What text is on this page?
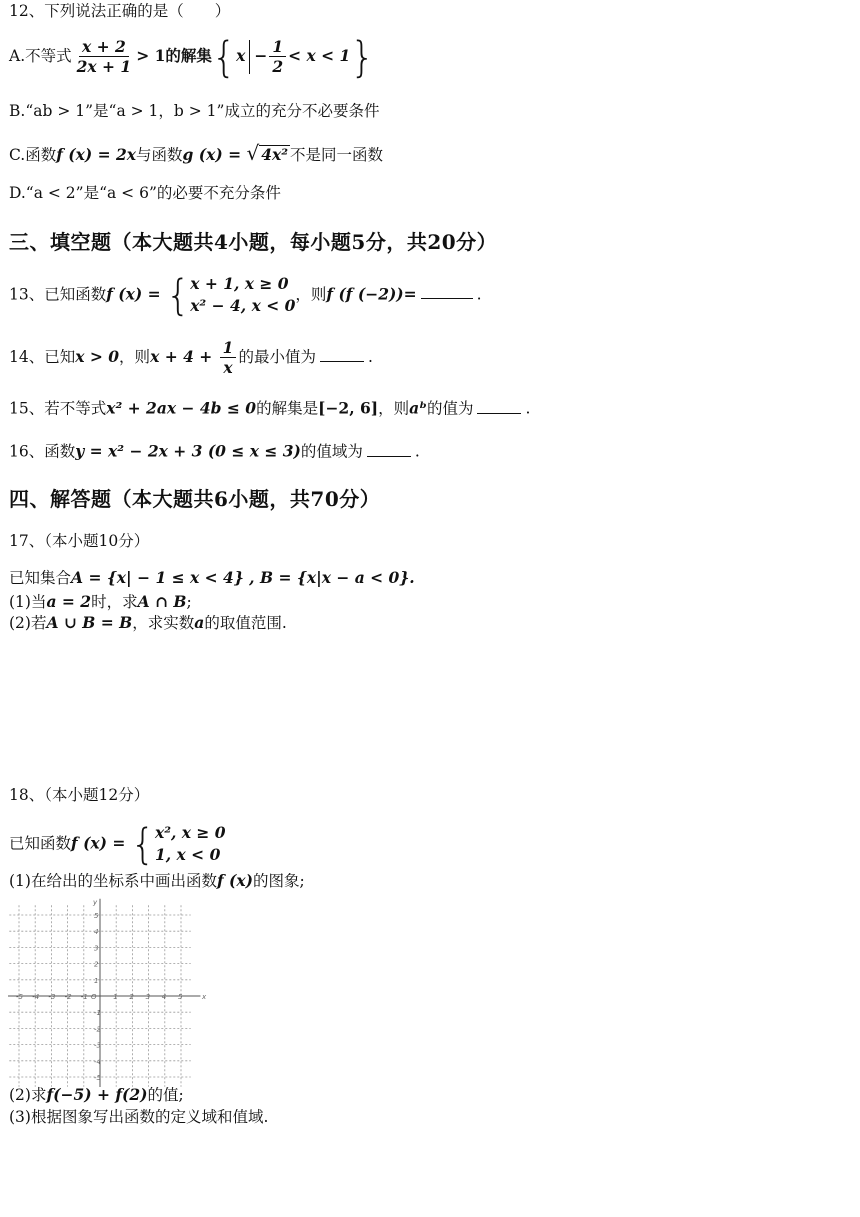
12、下列说法正确的是（　　）
A.不等式 $\frac{x + 2}{2x + 1} > 1$的解集$\{x - \frac{1}{2} < x < 1\}$
B.“ab > 1”是“a > 1，b > 1”成立的充分不必要条件
C.函数f (x) = 2x与函数g (x) = √ 4x² 不是同一函数
D.“a < 2”是“a < 6”的必要不充分条件
三、填空题（本大题共4小题，每小题5分，共20分）
13、已知函数f (x) = { x + 1, x ≥ 0
x² − 4, x < 0
，则f (f (−2))=	.
14、已知x > 0，则$x + 4 + \frac{1}{x}$ 的最小值为	.
15、若不等式x² + 2ax − 4b ≤ 0的解集是[−2, 6]，则aᵇ的值为	.
16、函数y = x² − 2x + 3 (0 ≤ x ≤ 3)的值域为	.
四、解答题（本大题共6小题，共70分）
17、（本小题10分）
已知集合A = {x| − 1 ≤ x < 4} , B = {x|x − a < 0}.
(1)当a = 2时，求A ∩ B;
(2)若A ∪ B = B，求实数a的取值范围.
18、（本小题12分）
已知函数f (x) = { x², x ≥ 0
1, x < 0
(1)在给出的坐标系中画出函数f (x)的图象;
-5 -4 -3 -2 -1	1 2 3 4 5
5
4
3
2
1
-1
-2
-3
-4
-5
O	x
y
(2)求f(−5) + f(2)的值;
(3)根据图象写出函数的定义域和值域.
